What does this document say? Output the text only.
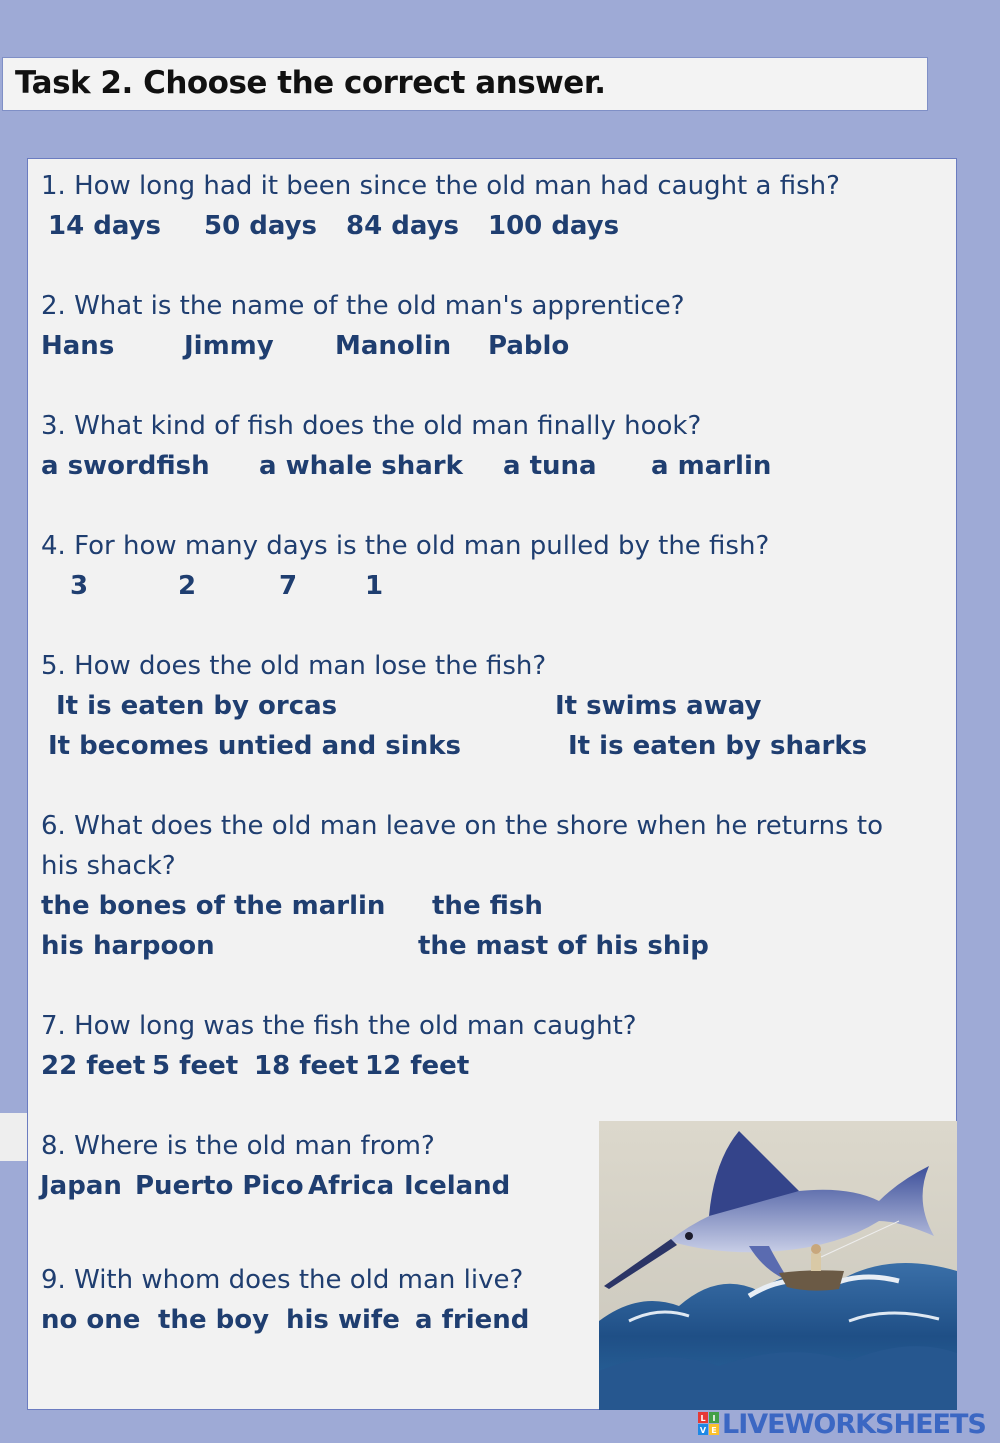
Task 2. Choose the correct answer.
1. How long had it been since the old man had caught a fish?
14 days 50 days 84 days 100 days
2. What is the name of the old man's apprentice?
Hans	Jimmy Manolin Pablo
3. What kind of fish does the old man finally hook?
a swordfish a whale shark a tuna a marlin
4. For how many days is the old man pulled by the fish?
3	2	7	1
5. How does the old man lose the fish?
It is eaten by orcas	It swims away
It becomes untied and sinks	It is eaten by sharks
6. What does the old man leave on the shore when he returns to
his shack?
the bones of the marlin the fish
his harpoon	the mast of his ship
7. How long was the fish the old man caught?
22 feet 5 feet 18 feet 12 feet
8. Where is the old man from?
Japan Puerto Pico Africa Iceland
9. With whom does the old man live?
no one the boy his wife a friend
L I
V E LIVEWORKSHEETS
